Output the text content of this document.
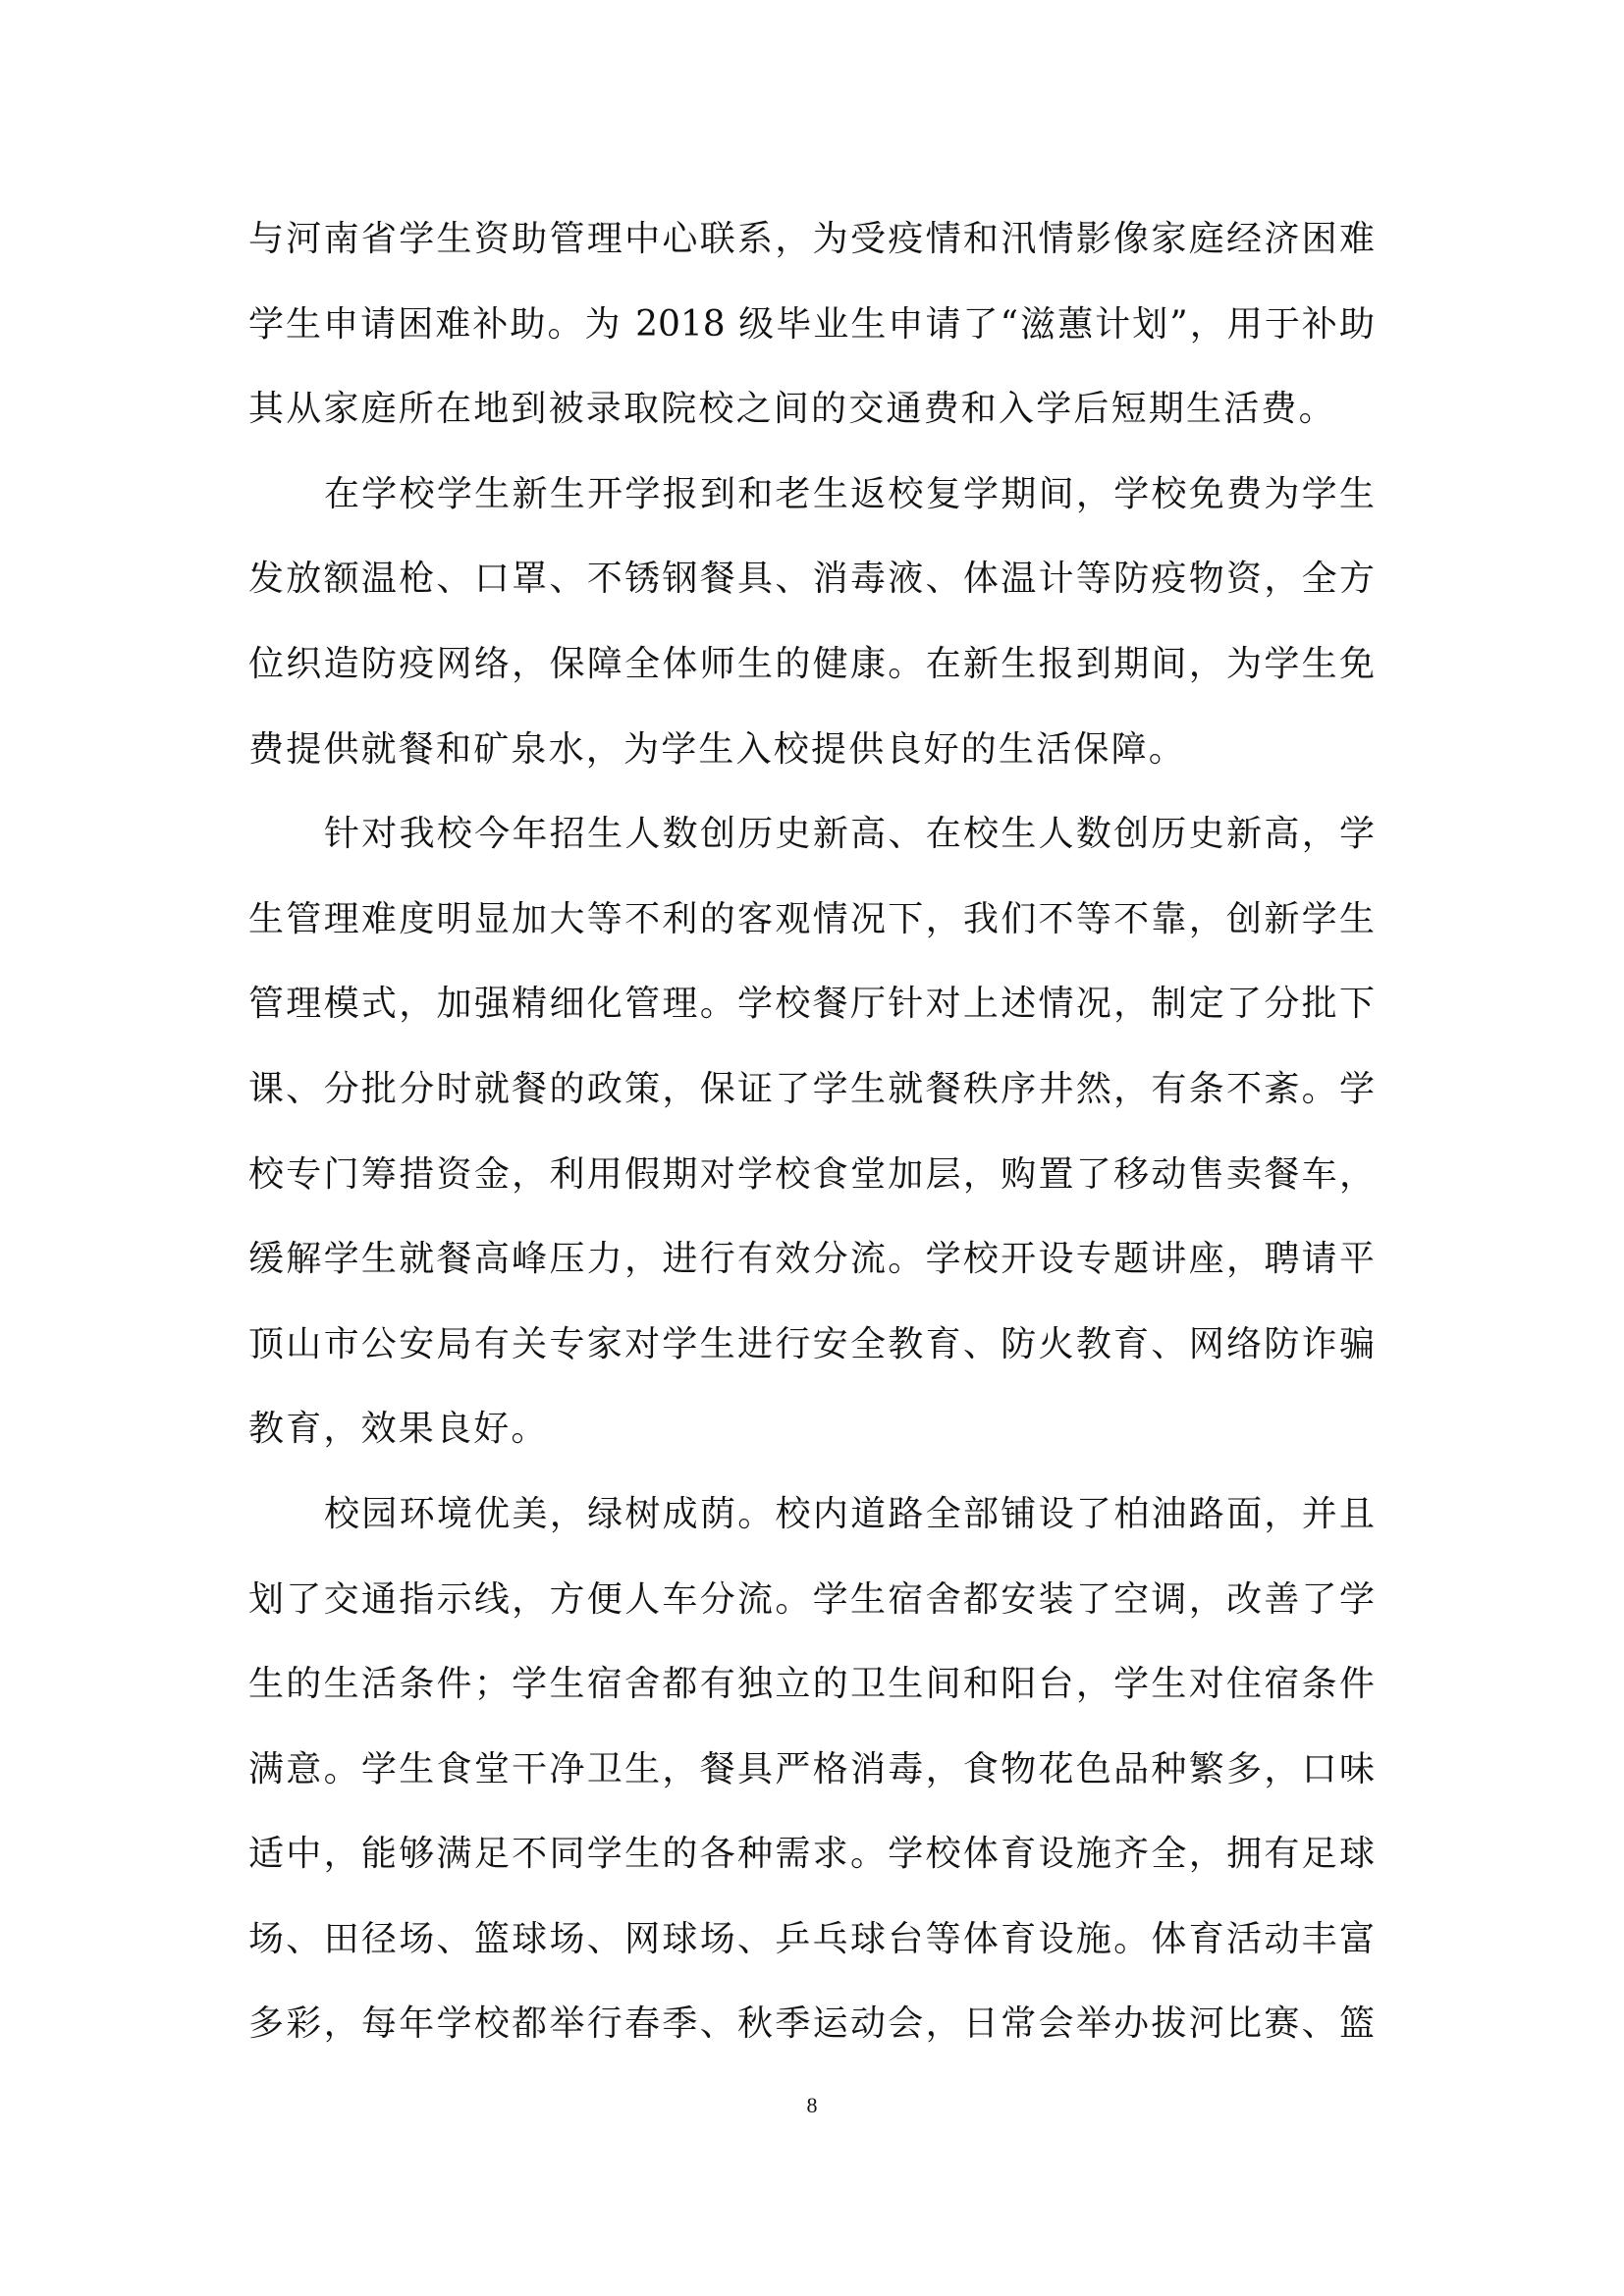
与河南省学生资助管理中心联系，为受疫情和汛情影像家庭经济困难
学生申请困难补助。为 2018 级毕业生申请了“滋蕙计划”，用于补助
其从家庭所在地到被录取院校之间的交通费和入学后短期生活费。
在学校学生新生开学报到和老生返校复学期间，学校免费为学生
发放额温枪、口罩、不锈钢餐具、消毒液、体温计等防疫物资，全方
位织造防疫网络，保障全体师生的健康。在新生报到期间，为学生免
费提供就餐和矿泉水，为学生入校提供良好的生活保障。
针对我校今年招生人数创历史新高、在校生人数创历史新高，学
生管理难度明显加大等不利的客观情况下，我们不等不靠，创新学生
管理模式，加强精细化管理。学校餐厅针对上述情况，制定了分批下
课、分批分时就餐的政策，保证了学生就餐秩序井然，有条不紊。学
校专门筹措资金，利用假期对学校食堂加层，购置了移动售卖餐车，
缓解学生就餐高峰压力，进行有效分流。学校开设专题讲座，聘请平
顶山市公安局有关专家对学生进行安全教育、防火教育、网络防诈骗
教育，效果良好。
校园环境优美，绿树成荫。校内道路全部铺设了柏油路面，并且
划了交通指示线，方便人车分流。学生宿舍都安装了空调，改善了学
生的生活条件；学生宿舍都有独立的卫生间和阳台，学生对住宿条件
满意。学生食堂干净卫生，餐具严格消毒，食物花色品种繁多，口味
适中，能够满足不同学生的各种需求。学校体育设施齐全，拥有足球
场、田径场、篮球场、网球场、乒乓球台等体育设施。体育活动丰富
多彩，每年学校都举行春季、秋季运动会，日常会举办拔河比赛、篮
8
